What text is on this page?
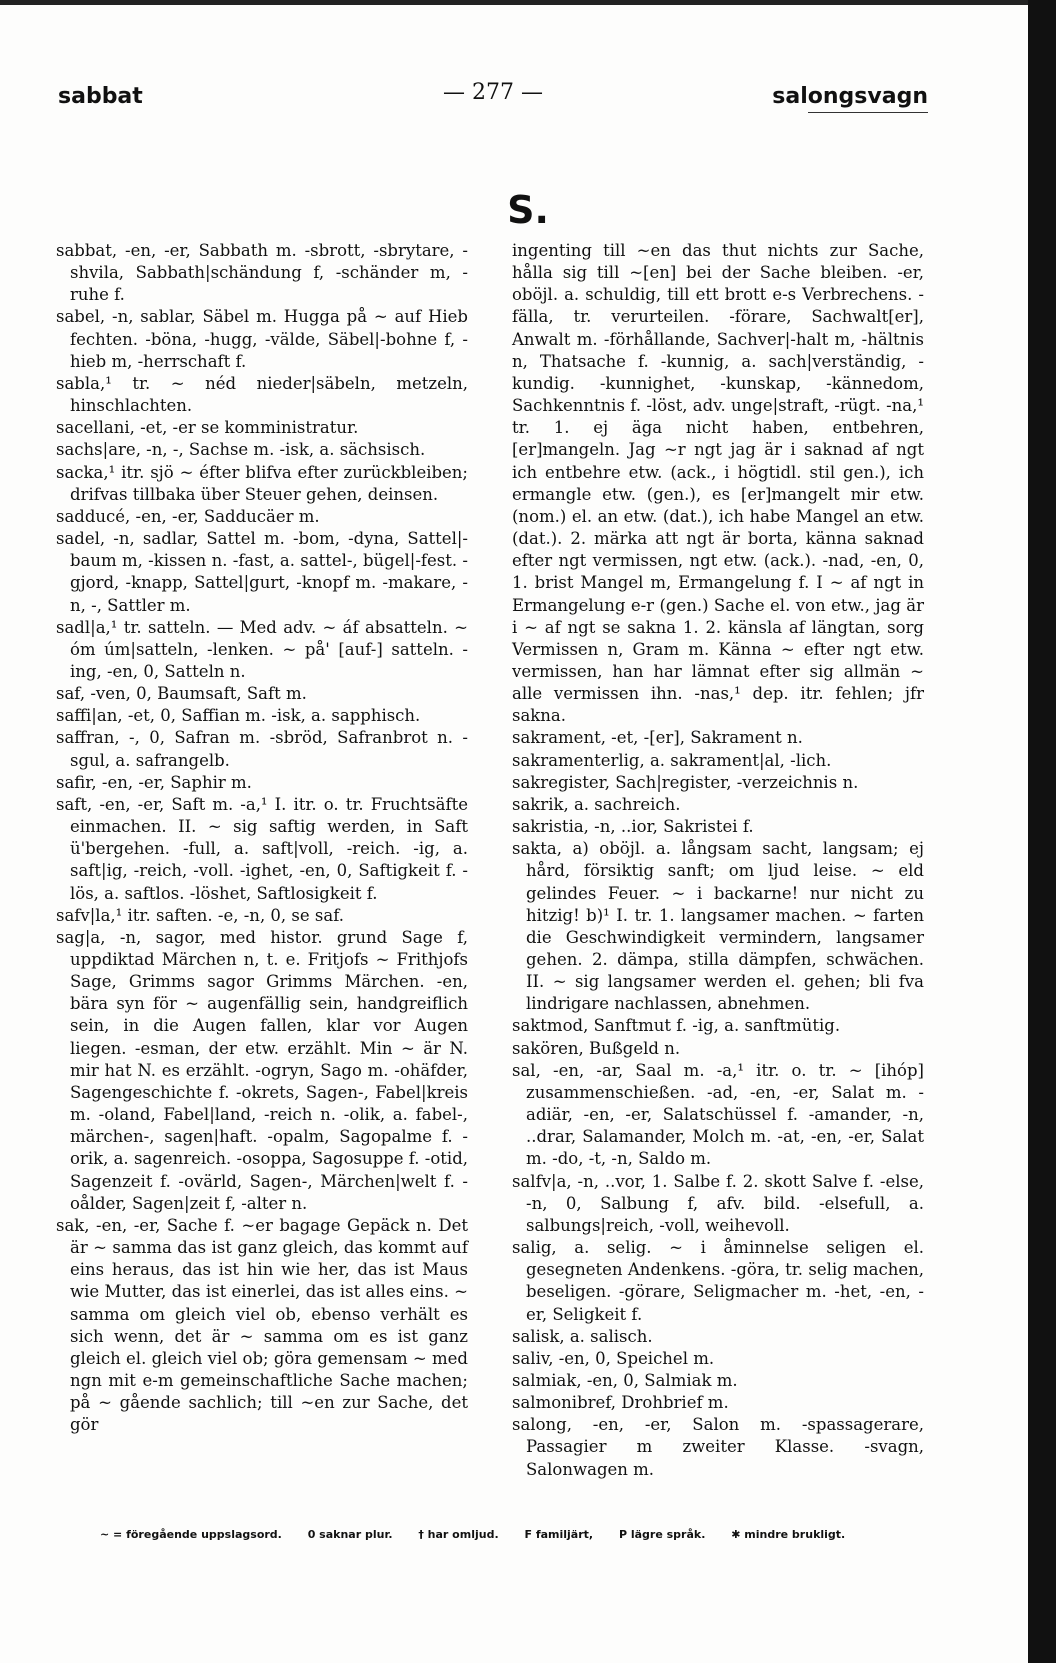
sabbat	— 277 —	salongsvagn
S.

sabbat, -en, -er, Sabbath m. -sbrott, -sbrytare, -shvila, Sabbath|schändung f, -schänder m, -ruhe f.

sabel, -n, sablar, Säbel m. Hugga på ~ auf Hieb fechten. -böna, -hugg, -välde, Säbel|-bohne f, -hieb m, -herrschaft f.

sabla,¹ tr. ~ néd nieder|säbeln, metzeln, hinschlachten.

sacellani, -et, -er se komministratur.

sachs|are, -n, -, Sachse m. -isk, a. sächsisch.

sacka,¹ itr. sjö ~ éfter blifva efter zurückbleiben; drifvas tillbaka über Steuer gehen, deinsen.

sadducé, -en, -er, Sadducäer m.

sadel, -n, sadlar, Sattel m. -bom, -dyna, Sattel|-baum m, -kissen n. -fast, a. sattel-, bügel|-fest. -gjord, -knapp, Sattel|gurt, -knopf m. -makare, -n, -, Sattler m.

sadl|a,¹ tr. satteln. — Med adv. ~ áf absatteln. ~ óm úm|satteln, -lenken. ~ på' [auf-] satteln. -ing, -en, 0, Satteln n.

saf, -ven, 0, Baumsaft, Saft m.

saffi|an, -et, 0, Saffian m. -isk, a. sapphisch.

saffran, -, 0, Safran m. -sbröd, Safranbrot n. -sgul, a. safrangelb.

safir, -en, -er, Saphir m.

saft, -en, -er, Saft m. -a,¹ I. itr. o. tr. Fruchtsäfte einmachen. II. ~ sig saftig werden, in Saft ü'bergehen. -full, a. saft|voll, -reich. -ig, a. saft|ig, -reich, -voll. -ighet, -en, 0, Saftigkeit f. -lös, a. saftlos. -löshet, Saftlosigkeit f.

safv|la,¹ itr. saften. -e, -n, 0, se saf.

sag|a, -n, sagor, med histor. grund Sage f, uppdiktad Märchen n, t. e. Fritjofs ~ Frithjofs Sage, Grimms sagor Grimms Märchen. -en, bära syn för ~ augenfällig sein, handgreiflich sein, in die Augen fallen, klar vor Augen liegen. -esman, der etw. erzählt. Min ~ är N. mir hat N. es erzählt. -ogryn, Sago m. -ohäfder, Sagengeschichte f. -okrets, Sagen-, Fabel|kreis m. -oland, Fabel|land, -reich n. -olik, a. fabel-, märchen-, sagen|haft. -opalm, Sagopalme f. -orik, a. sagenreich. -osoppa, Sagosuppe f. -otid, Sagenzeit f. -ovärld, Sagen-, Märchen|welt f. -oålder, Sagen|zeit f, -alter n.

sak, -en, -er, Sache f. ~er bagage Gepäck n. Det är ~ samma das ist ganz gleich, das kommt auf eins heraus, das ist hin wie her, das ist Maus wie Mutter, das ist einerlei, das ist alles eins. ~ samma om gleich viel ob, ebenso verhält es sich wenn, det är ~ samma om es ist ganz gleich el. gleich viel ob; göra gemensam ~ med ngn mit e-m gemeinschaftliche Sache machen; på ~ gående sachlich; till ~en zur Sache, det gör

ingenting till ~en das thut nichts zur Sache, hålla sig till ~[en] bei der Sache bleiben. -er, oböjl. a. schuldig, till ett brott e-s Verbrechens. -fälla, tr. verurteilen. -förare, Sachwalt[er], Anwalt m. -förhållande, Sachver|-halt m, -hältnis n, Thatsache f. -kunnig, a. sach|verständig, -kundig. -kunnighet, -kunskap, -kännedom, Sachkenntnis f. -löst, adv. unge|straft, -rügt. -na,¹ tr. 1. ej äga nicht haben, entbehren, [er]mangeln. Jag ~r ngt jag är i saknad af ngt ich entbehre etw. (ack., i högtidl. stil gen.), ich ermangle etw. (gen.), es [er]mangelt mir etw. (nom.) el. an etw. (dat.), ich habe Mangel an etw. (dat.). 2. märka att ngt är borta, känna saknad efter ngt vermissen, ngt etw. (ack.). -nad, -en, 0, 1. brist Mangel m, Ermangelung f. I ~ af ngt in Ermangelung e-r (gen.) Sache el. von etw., jag är i ~ af ngt se sakna 1. 2. känsla af längtan, sorg Vermissen n, Gram m. Känna ~ efter ngt etw. vermissen, han har lämnat efter sig allmän ~ alle vermissen ihn. -nas,¹ dep. itr. fehlen; jfr sakna.

sakrament, -et, -[er], Sakrament n.

sakramenterlig, a. sakrament|al, -lich.

sakregister, Sach|register, -verzeichnis n.

sakrik, a. sachreich.

sakristia, -n, ..ior, Sakristei f.

sakta, a) oböjl. a. långsam sacht, langsam; ej hård, försiktig sanft; om ljud leise. ~ eld gelindes Feuer. ~ i backarne! nur nicht zu hitzig! b)¹ I. tr. 1. langsamer machen. ~ farten die Geschwindigkeit vermindern, langsamer gehen. 2. dämpa, stilla dämpfen, schwächen. II. ~ sig langsamer werden el. gehen; bli fva lindrigare nachlassen, abnehmen.

saktmod, Sanftmut f. -ig, a. sanftmütig.

sakören, Bußgeld n.

sal, -en, -ar, Saal m. -a,¹ itr. o. tr. ~ [ihóp] zusammenschießen. -ad, -en, -er, Salat m. -adiär, -en, -er, Salatschüssel f. -amander, -n, ..drar, Salamander, Molch m. -at, -en, -er, Salat m. -do, -t, -n, Saldo m.

salfv|a, -n, ..vor, 1. Salbe f. 2. skott Salve f. -else, -n, 0, Salbung f, afv. bild. -elsefull, a. salbungs|reich, -voll, weihevoll.

salig, a. selig. ~ i åminnelse seligen el. gesegneten Andenkens. -göra, tr. selig machen, beseligen. -görare, Seligmacher m. -het, -en, -er, Seligkeit f.

salisk, a. salisch.

saliv, -en, 0, Speichel m.

salmiak, -en, 0, Salmiak m.

salmonibref, Drohbrief m.

salong, -en, -er, Salon m. -spassagerare, Passagier m zweiter Klasse. -svagn, Salonwagen m.

~ = föregående uppslagsord. 0 saknar plur. † har omljud. F familjärt, P lägre språk. ✱ mindre brukligt.
